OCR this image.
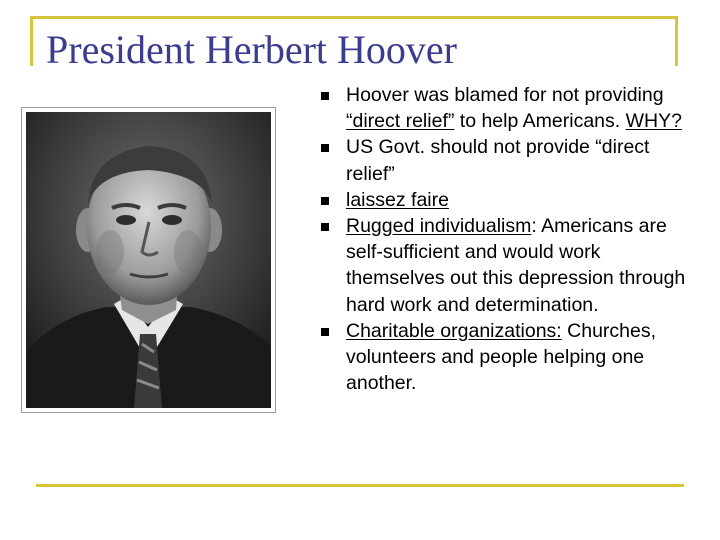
President Herbert Hoover
Hoover was blamed for not providing “direct relief” to help Americans. WHY?
US Govt. should not provide “direct relief”
laissez faire
Rugged individualism: Americans are self-sufficient and would work themselves out this depression through hard work and determination.
Charitable organizations: Churches, volunteers and people helping one another.
